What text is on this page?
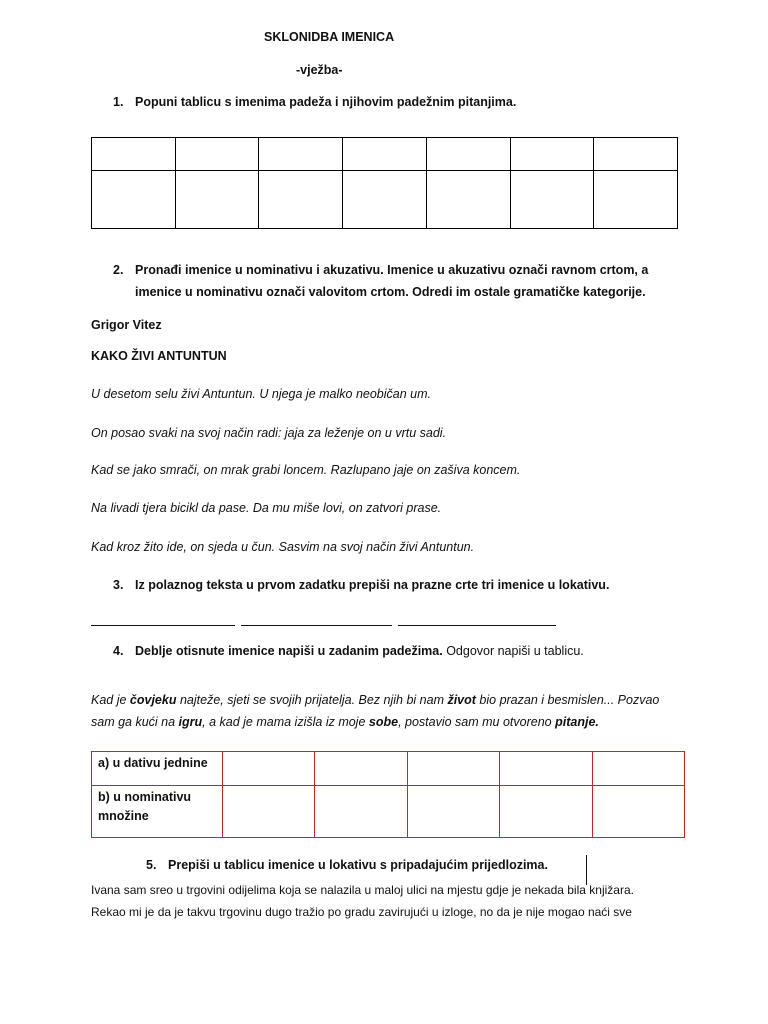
SKLONIDBA IMENICA
-vježba-
1. Popuni tablicu s imenima padeža i njihovim padežnim pitanjima.

2. Pronađi imenice u nominativu i akuzativu. Imenice u akuzativu označi ravnom crtom, a
imenice u nominativu označi valovitom crtom. Odredi im ostale gramatičke kategorije.
Grigor Vitez
KAKO ŽIVI ANTUNTUN
U desetom selu živi Antuntun. U njega je malko neobičan um.
On posao svaki na svoj način radi: jaja za leženje on u vrtu sadi.
Kad se jako smrači, on mrak grabi loncem. Razlupano jaje on zašiva koncem.
Na livadi tjera bicikl da pase. Da mu miše lovi, on zatvori prase.
Kad kroz žito ide, on sjeda u čun. Sasvim na svoj način živi Antuntun.
3. Iz polaznog teksta u prvom zadatku prepiši na prazne crte tri imenice u lokativu.
4. Deblje otisnute imenice napiši u zadanim padežima. Odgovor napiši u tablicu.
Kad je čovjeku najteže, sjeti se svojih prijatelja. Bez njih bi nam život bio prazan i besmislen... Pozvao
sam ga kući na igru, a kad je mama izišla iz moje sobe, postavio sam mu otvoreno pitanje.
a) u dativu jednine					
b) u nominativu množine					
5. Prepiši u tablicu imenice u lokativu s pripadajućim prijedlozima.
Ivana sam sreo u trgovini odijelima koja se nalazila u maloj ulici na mjestu gdje je nekada bila knjižara.
Rekao mi je da je takvu trgovinu dugo tražio po gradu zavirujući u izloge, no da je nije mogao naći sve
